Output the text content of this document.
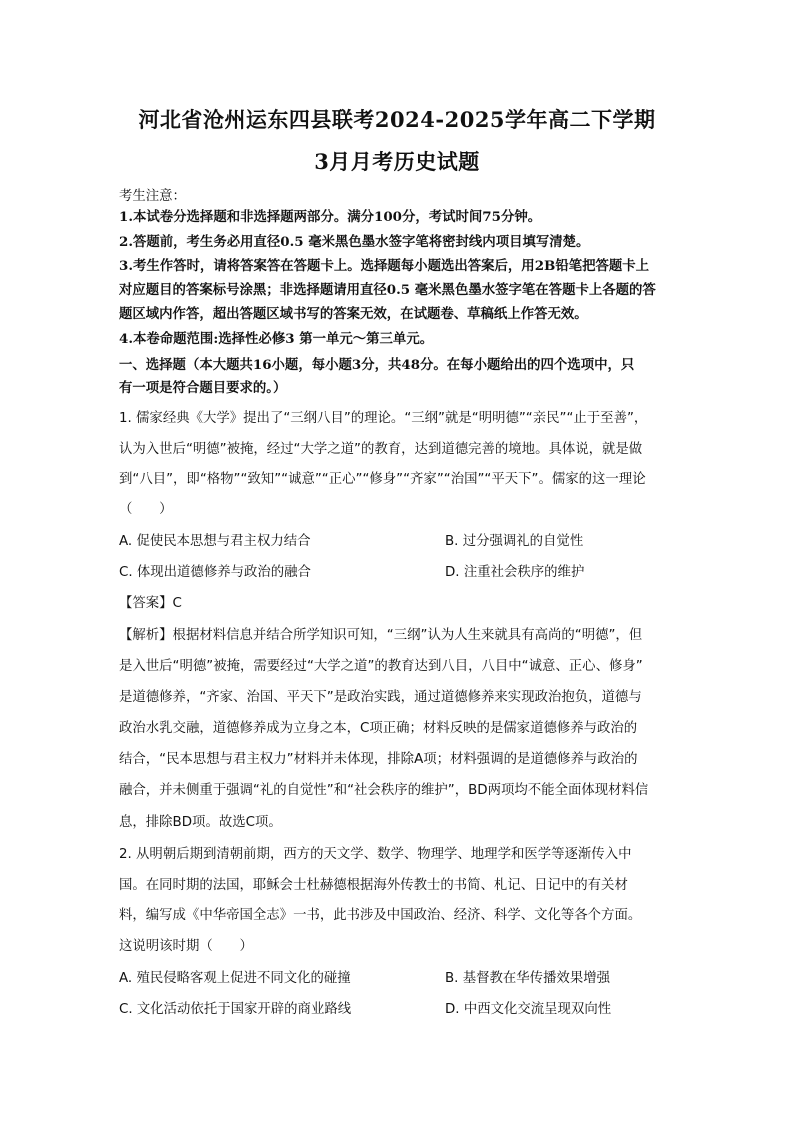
河北省沧州运东四县联考2024-2025学年高二下学期
3月月考历史试题
考生注意：
1.本试卷分选择题和非选择题两部分。满分100分，考试时间75分钟。
2.答题前，考生务必用直径0.5 毫米黑色墨水签字笔将密封线内项目填写清楚。
3.考生作答时，请将答案答在答题卡上。选择题每小题选出答案后，用2B铅笔把答题卡上
对应题目的答案标号涂黑；非选择题请用直径0.5 毫米黑色墨水签字笔在答题卡上各题的答
题区域内作答，超出答题区域书写的答案无效，在试题卷、草稿纸上作答无效。
4.本卷命题范围:选择性必修3 第一单元～第三单元。
一、选择题（本大题共16小题，每小题3分，共48分。在每小题给出的四个选项中，只
有一项是符合题目要求的。）
1. 儒家经典《大学》提出了“三纲八目”的理论。“三纲”就是“明明德”“亲民”“止于至善”，
认为入世后“明德”被掩，经过“大学之道”的教育，达到道德完善的境地。具体说，就是做
到“八目”，即“格物”“致知”“诚意”“正心”“修身”“齐家”“治国”“平天下”。儒家的这一理论
（　　）
A. 促使民本思想与君主权力结合	B. 过分强调礼的自觉性
C. 体现出道德修养与政治的融合	D. 注重社会秩序的维护
【答案】C
【解析】根据材料信息并结合所学知识可知，“三纲”认为人生来就具有高尚的“明德”，但
是入世后“明德”被掩，需要经过“大学之道”的教育达到八目，八目中“诚意、正心、修身”
是道德修养，“齐家、治国、平天下”是政治实践，通过道德修养来实现政治抱负，道德与
政治水乳交融，道德修养成为立身之本，C项正确；材料反映的是儒家道德修养与政治的
结合，“民本思想与君主权力”材料并未体现，排除A项；材料强调的是道德修养与政治的
融合，并未侧重于强调“礼的自觉性”和“社会秩序的维护”，BD两项均不能全面体现材料信
息，排除BD项。故选C项。
2. 从明朝后期到清朝前期，西方的天文学、数学、物理学、地理学和医学等逐渐传入中
国。在同时期的法国，耶稣会士杜赫德根据海外传教士的书简、札记、日记中的有关材
料，编写成《中华帝国全志》一书，此书涉及中国政治、经济、科学、文化等各个方面。
这说明该时期（　　）
A. 殖民侵略客观上促进不同文化的碰撞	B. 基督教在华传播效果增强
C. 文化活动依托于国家开辟的商业路线	D. 中西文化交流呈现双向性
